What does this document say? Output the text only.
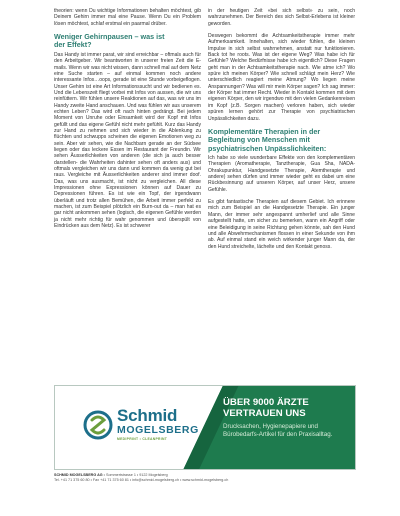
theorien: wenn Du wichtige Informationen behalten möchtest, gib Deinem Gehirn immer mal eine Pause. Wenn Du ein Problem lösen möchtest, schlaf erstmal ein paarmal drüber.

Weniger Gehirnpausen – was ist
der Effekt?

Das Handy ist immer parat, wir sind erreichbar – oftmals auch für den Arbeitgeber. Wir beantworten in unserer freien Zeit die E-mails. Wenn wir was nicht wissen, dann schnell mal auf dem Netz eine Suche starten – auf einmal kommen noch andere interessante Infos…oops, gerade ist eine Stunde vorbeigeflogen. Unser Gehirn ist eine Art Informationssucht und wir bedienen es. Und die Lebenszeit fliegt vorbei mit Infos von aussen, die wir uns reinfüttern. Wir fühlen unsere Reaktionen auf das, was wir uns im Handy zweite Hand anschauen. Und was fühlen wir aus unserem echten Leben? Das wird oft nach hinten gedrängt. Bei jedem Moment von Unruhe oder Einsamkeit wird der Kopf mit Infos gefüllt und das eigene Gefühl nicht mehr gefühlt. Kurz das Handy zur Hand zu nehmen und sich wieder in die Ablenkung zu flüchten und schwupps scheinen die eigenen Emotionen weg zu sein. Aber wir sehen, wie die Nachbarn gerade an der Südsee liegen oder das leckere Essen im Restaurant der Freundin. Wir sehen Äusserlichkeiten von anderen (die sich ja auch besser darstellen- die Wahrheiten dahinter sehen oft anders aus) und oftmals vergleichen wir uns dann und kommen da wenig gut bei raus. Vergleiche mit Äusserlichkeiten anderer sind immer doof. Das, was uns ausmacht, ist nicht zu vergleichen. All diese Impressionen ohne Expressionen können auf Dauer zu Depressionen führen. Es ist wie ein Topf, der irgendwann überläuft und trotz allen Bemühen, die Arbeit immer perfekt zu machen, ist zum Beispiel plötzlich ein Burn-out da – man hat es gar nicht ankommen sehen (logisch, die eigenen Gefühle werden ja nicht mehr richtig für wahr genommen und überspült von Eindrücken aus dem Netz). Es ist schwerer

in der heutigen Zeit «bei sich selbst» zu sein, noch wahrzunehmen. Der Bereich des sich Selbst-Erlebens ist kleiner geworden.

Deswegen bekommt die Achtsamkeitstherapie immer mehr Aufmerksamkeit. Innehalten, sich wieder fühlen, die kleinen Impulse in sich selbst wahrnehmen, anstatt nur funktionieren. Back tot he roots. Was ist der eigene Weg? Was habe ich für Gefühle? Welche Bedürfnisse habe ich eigentlich? Diese Fragen geht man in der Achtsamkeitstherapie nach. Wie atme ich? Wo spüre ich meinen Körper? Wie schnell schlägt mein Herz? Wie unterschiedlich reagiert meine Atmung? Wo liegen meine Anspannungen? Was will mir mein Körper sagen? Ich sag immer: der Körper hat immer Recht. Wieder in Kontakt kommen mit dem eigenen Körper, den wir irgendwo mit den vielen Gedankenreisen im Kopf (z.B. Sorgen machen) verloren haben, sich wieder spüren lernen gehört zur Therapie von psychiatrischen Unpässlichkeiten dazu.

Komplementäre Therapien in der Begleitung von Menschen mit psychiatrischen Unpässlichkeiten:

Ich habe so viele wunderbare Effekte von den komplementären Therapien (Aromatherapie, Tanztherapie, Gua Sha, NADA-Ohrakupunktur, Handgesetzte Therapie, Atemtherapie und andere) sehen dürfen und immer wieder geht es dabei um eine Rückbesinnung auf unseren Körper, auf unser Herz, unsere Gefühle.

Es gibt fantastische Therapien auf diesem Gebiet. Ich erinnere mich zum Beispiel an die Handgesetzte Therapie. Ein junger Mann, der immer sehr angespannt umherlief und alle Sinne aufgestellt hatte, um sicher zu bemerken, wann ein Angriff oder eine Beleidigung in seine Richtung gehen könnte, sah den Hund und alle Abwehrmechanismen flossen in einer Sekunde von ihm ab. Auf einmal stand ein weich wirkender junger Mann da, der den Hund streichelte, lächelte und den Kontakt genoss.

Schmid
MOGELSBERG
MEDIPRINT • CLEANPRINT
ÜBER 9000 ÄRZTE
VERTRAUEN UNS
Drucksachen, Hygienepapiere und
Bürobedarfs-Artikel für den Praxisalltag.
SCHMID MOGELSBERG AG • Sommertstrasse 1 • 9122 Mogelsberg
Tel. +41 71 375 60 80 • Fax +41 71 375 60 81 • info@schmid-mogelsberg.ch • www.schmid-mogelsberg.ch
